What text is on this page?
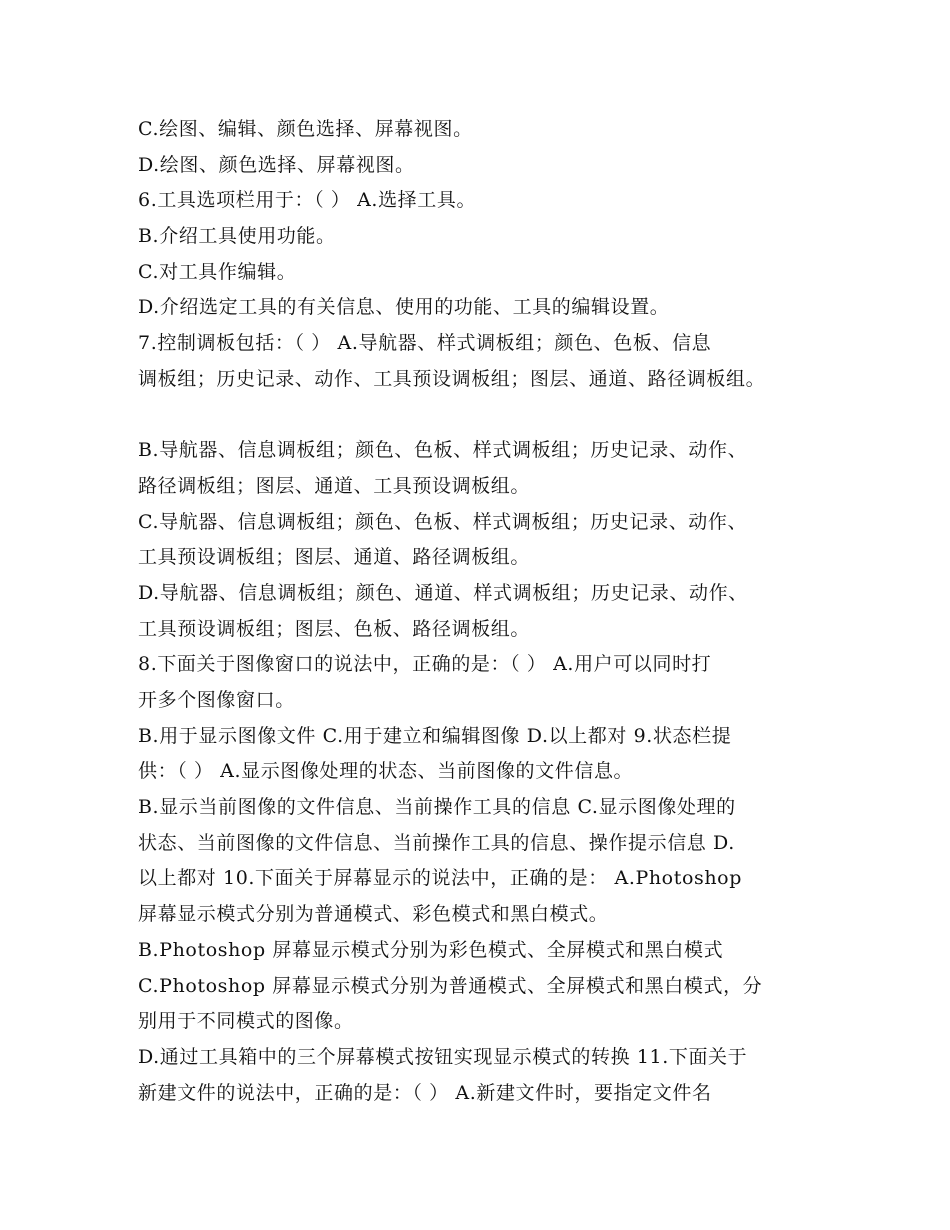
C.绘图、编辑、颜色选择、屏幕视图。
D.绘图、颜色选择、屏幕视图。
6.工具选项栏用于：（ ） A.选择工具。
B.介绍工具使用功能。
C.对工具作编辑。
D.介绍选定工具的有关信息、使用的功能、工具的编辑设置。
7.控制调板包括：（ ） A.导航器、样式调板组；颜色、色板、信息
调板组；历史记录、动作、工具预设调板组；图层、通道、路径调板组。
B.导航器、信息调板组；颜色、色板、样式调板组；历史记录、动作、
路径调板组；图层、通道、工具预设调板组。
C.导航器、信息调板组；颜色、色板、样式调板组；历史记录、动作、
工具预设调板组；图层、通道、路径调板组。
D.导航器、信息调板组；颜色、通道、样式调板组；历史记录、动作、
工具预设调板组；图层、色板、路径调板组。
8.下面关于图像窗口的说法中，正确的是：（ ） A.用户可以同时打
开多个图像窗口。
B.用于显示图像文件 C.用于建立和编辑图像 D.以上都对 9.状态栏提
供：（ ） A.显示图像处理的状态、当前图像的文件信息。
B.显示当前图像的文件信息、当前操作工具的信息 C.显示图像处理的
状态、当前图像的文件信息、当前操作工具的信息、操作提示信息 D.
以上都对 10.下面关于屏幕显示的说法中，正确的是： A.Photoshop
屏幕显示模式分别为普通模式、彩色模式和黑白模式。
B.Photoshop 屏幕显示模式分别为彩色模式、全屏模式和黑白模式
C.Photoshop 屏幕显示模式分别为普通模式、全屏模式和黑白模式，分
别用于不同模式的图像。
D.通过工具箱中的三个屏幕模式按钮实现显示模式的转换 11.下面关于
新建文件的说法中，正确的是：（ ） A.新建文件时，要指定文件名
